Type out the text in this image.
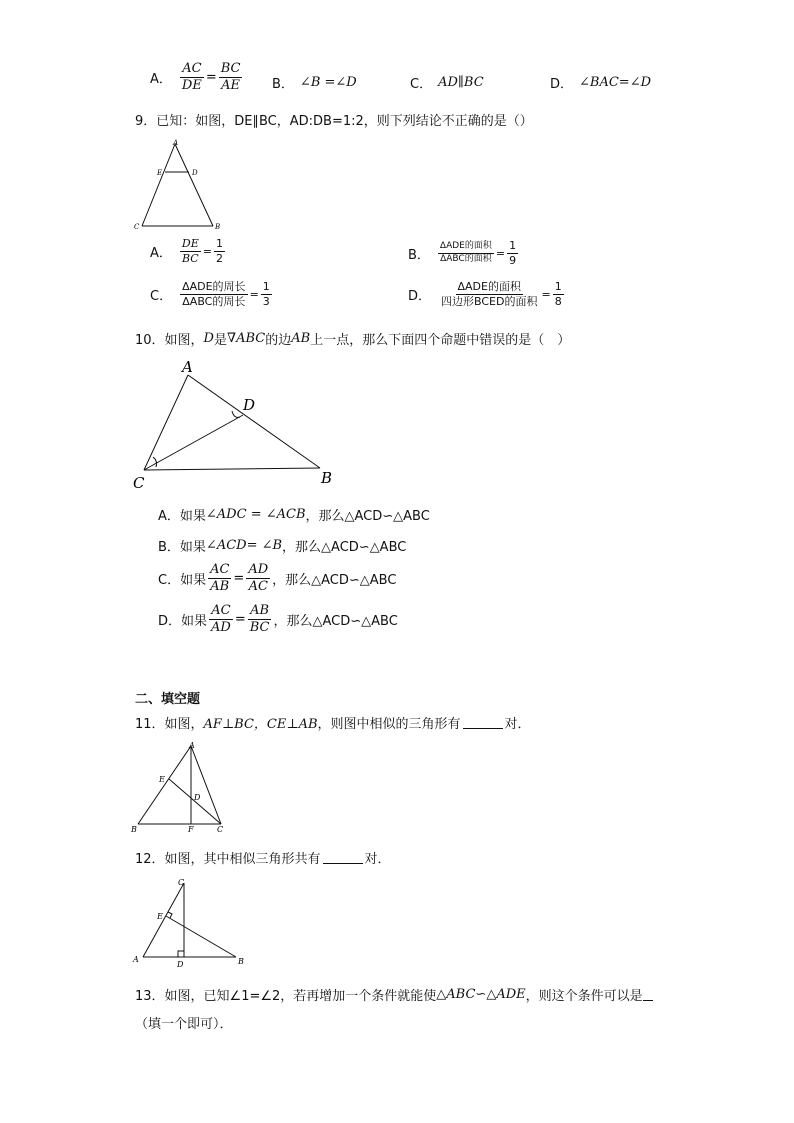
A． $\frac{AC}{DE} = \frac{BC}{AE}$ B． ∠B =∠D	C． AD∥BC	D． ∠BAC=∠D
9．已知：如图，DE∥BC，AD:DB=1:2，则下列结论不正确的是（）
A
E	D
C	B
A． $\frac{DE}{BC} = \frac{1}{2}$	B． $\frac{\text{ΔADE的面积}}{\text{ΔABC的面积}} = \frac{1}{9}$
C． $\frac{\text{ΔADE的周长}}{\text{ΔABC的周长}} = \frac{1}{3}$	D． $\frac{\text{ΔADE的面积}}{\text{四边形BCED的面积}} = \frac{1}{8}$
10．如图， D 是 ∇ABC 的边 AB 上一点，那么下面四个命题中错误的是（　）
A
D
C	B
A．如果 ∠ADC = ∠ACB ，那么△ACD∽△ABC
B．如果 ∠ACD= ∠B ，那么△ACD∽△ABC
C．如果 $\frac{AC}{AB} = \frac{AD}{AC}$ ，那么△ACD∽△ABC
D．如果 $\frac{AC}{AD} = \frac{AB}{BC}$ ，那么△ACD∽△ABC
二、填空题
11．如图， AF⊥BC，CE⊥AB ，则图中相似的三角形有	对．
A
E
D
B	F	C
12．如图，其中相似三角形共有	对．
C
E
A
D	B
13．如图，已知∠1=∠2，若再增加一个条件就能使 △ABC∽△ADE ，则这个条件可以是
（填一个即可）．
